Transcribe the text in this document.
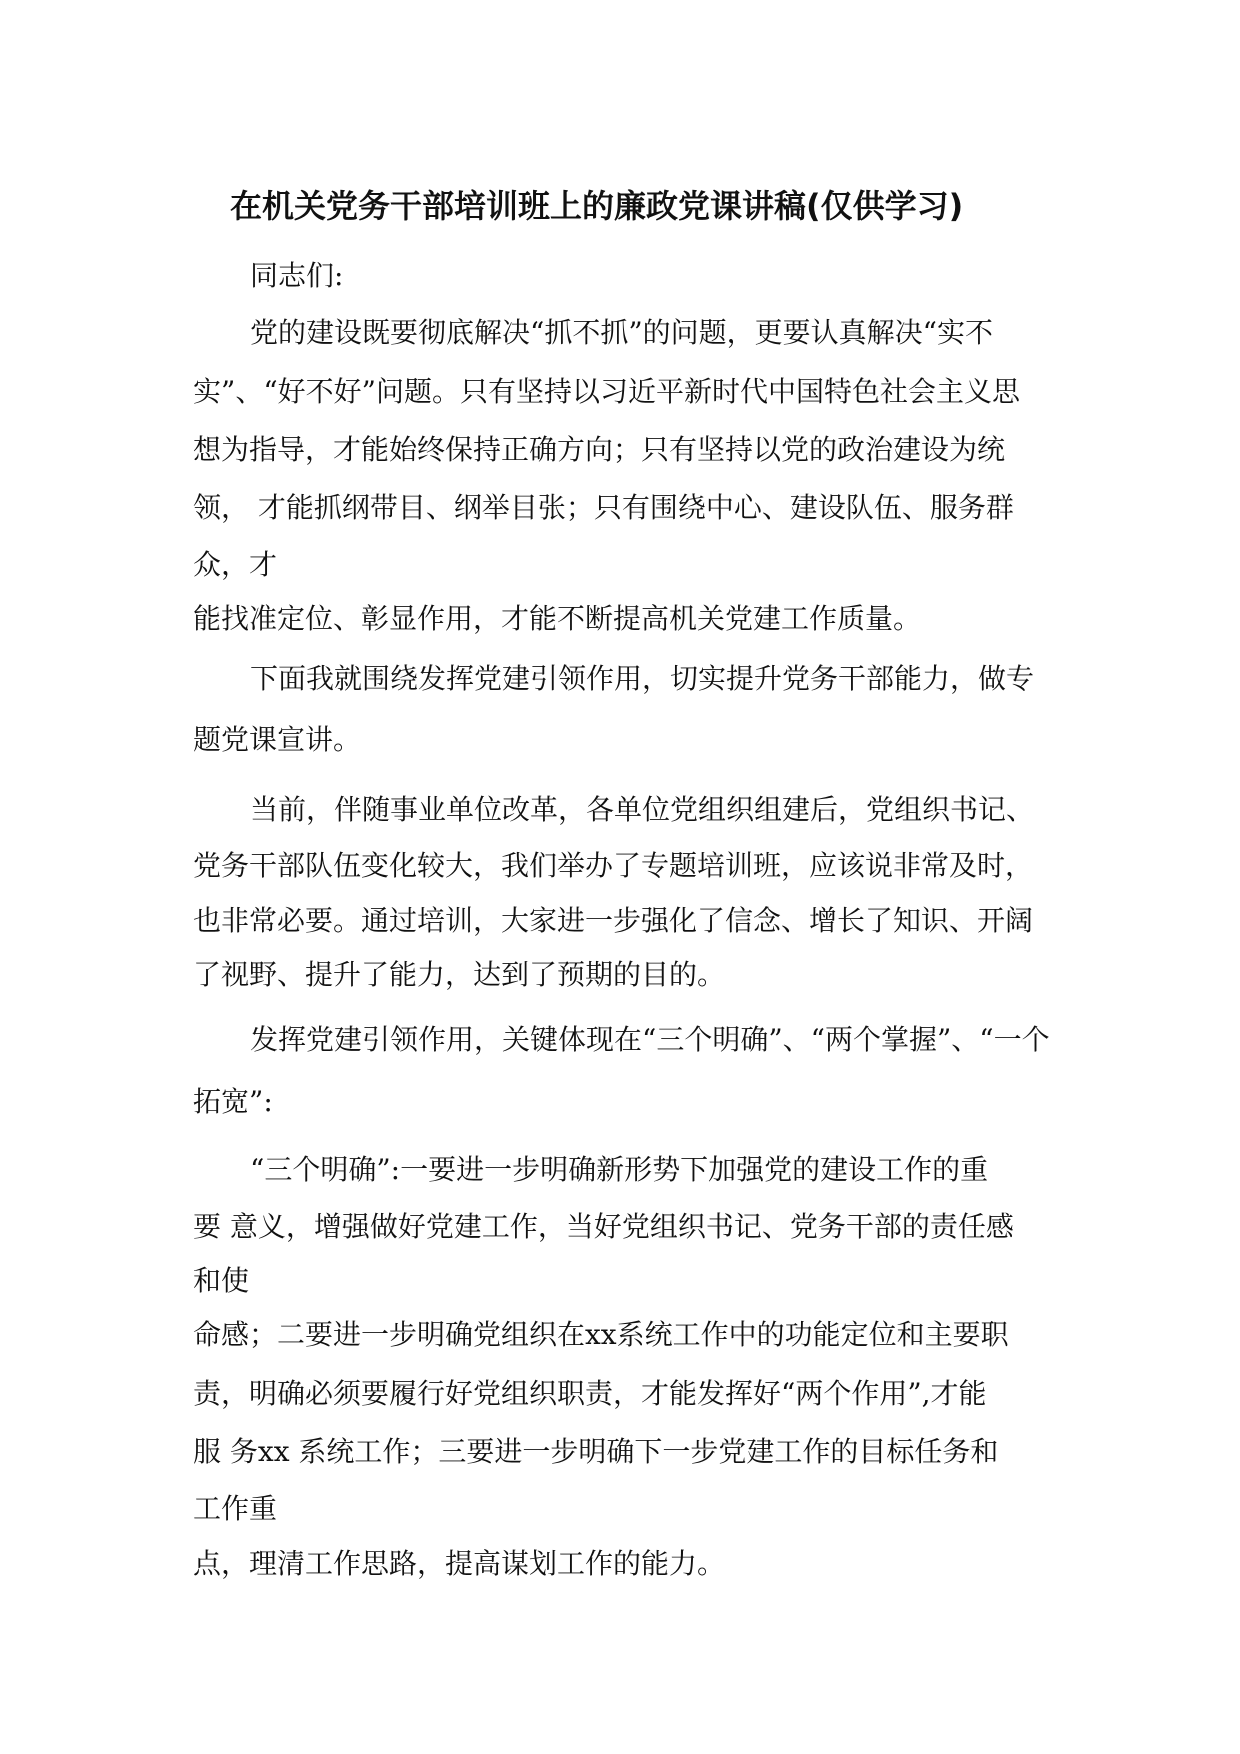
在机关党务干部培训班上的廉政党课讲稿(仅供学习)
同志们:
党的建设既要彻底解决“抓不抓”的问题，更要认真解决“实不
实”、“好不好”问题。只有坚持以习近平新时代中国特色社会主义思
想为指导，才能始终保持正确方向；只有坚持以党的政治建设为统
领， 才能抓纲带目、纲举目张；只有围绕中心、建设队伍、服务群
众，才
能找准定位、彰显作用，才能不断提高机关党建工作质量。
下面我就围绕发挥党建引领作用，切实提升党务干部能力，做专
题党课宣讲。
当前，伴随事业单位改革，各单位党组织组建后，党组织书记、
党务干部队伍变化较大，我们举办了专题培训班，应该说非常及时，
也非常必要。通过培训，大家进一步强化了信念、增长了知识、开阔
了视野、提升了能力，达到了预期的目的。
发挥党建引领作用，关键体现在“三个明确”、“两个掌握”、“一个
拓宽”:
“三个明确”:一要进一步明确新形势下加强党的建设工作的重
要 意义，增强做好党建工作，当好党组织书记、党务干部的责任感
和使
命感；二要进一步明确党组织在xx系统工作中的功能定位和主要职
责，明确必须要履行好党组织职责，才能发挥好“两个作用”,才能
服 务xx 系统工作；三要进一步明确下一步党建工作的目标任务和
工作重
点，理清工作思路，提高谋划工作的能力。
